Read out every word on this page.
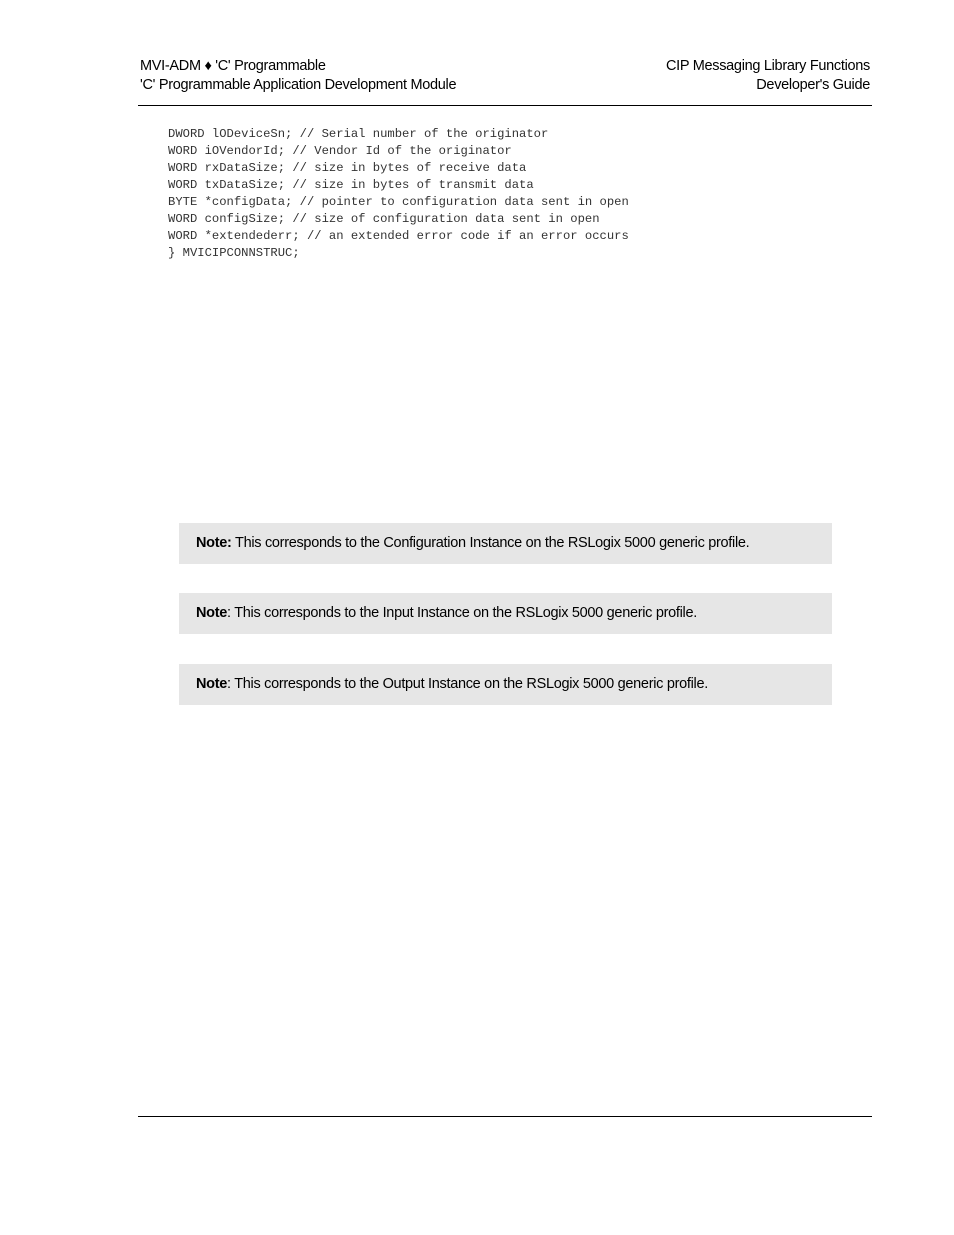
MVI-ADM ♦ 'C' Programmable
'C' Programmable Application Development Module
CIP Messaging Library Functions
Developer's Guide
DWORD lODeviceSn; // Serial number of the originator
WORD iOVendorId; // Vendor Id of the originator
WORD rxDataSize; // size in bytes of receive data
WORD txDataSize; // size in bytes of transmit data
BYTE *configData; // pointer to configuration data sent in open
WORD configSize; // size of configuration data sent in open
WORD *extendederr; // an extended error code if an error occurs
} MVICIPCONNSTRUC;
Note: This corresponds to the Configuration Instance on the RSLogix 5000 generic profile.
Note: This corresponds to the Input Instance on the RSLogix 5000 generic profile.
Note: This corresponds to the Output Instance on the RSLogix 5000 generic profile.
